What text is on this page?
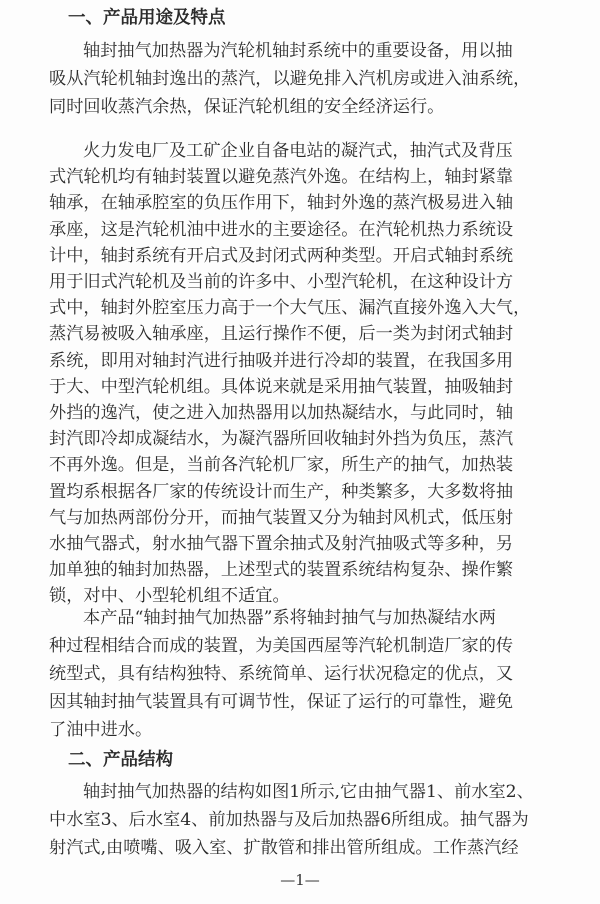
一、产品用途及特点
轴封抽气加热器为汽轮机轴封系统中的重要设备，用以抽
吸从汽轮机轴封逸出的蒸汽，以避免排入汽机房或进入油系统，
同时回收蒸汽余热，保证汽轮机组的安全经济运行。
火力发电厂及工矿企业自备电站的凝汽式，抽汽式及背压
式汽轮机均有轴封装置以避免蒸汽外逸。在结构上，轴封紧靠
轴承，在轴承腔室的负压作用下，轴封外逸的蒸汽极易进入轴
承座，这是汽轮机油中进水的主要途径。在汽轮机热力系统设
计中，轴封系统有开启式及封闭式两种类型。开启式轴封系统
用于旧式汽轮机及当前的许多中、小型汽轮机，在这种设计方
式中，轴封外腔室压力高于一个大气压、漏汽直接外逸入大气，
蒸汽易被吸入轴承座，且运行操作不便，后一类为封闭式轴封
系统，即用对轴封汽进行抽吸并进行冷却的装置，在我国多用
于大、中型汽轮机组。具体说来就是采用抽气装置，抽吸轴封
外挡的逸汽，使之进入加热器用以加热凝结水，与此同时，轴
封汽即冷却成凝结水，为凝汽器所回收轴封外挡为负压，蒸汽
不再外逸。但是，当前各汽轮机厂家，所生产的抽气，加热装
置均系根据各厂家的传统设计而生产，种类繁多，大多数将抽
气与加热两部份分开，而抽气装置又分为轴封风机式，低压射
水抽气器式，射水抽气器下置余抽式及射汽抽吸式等多种，另
加单独的轴封加热器，上述型式的装置系统结构复杂、操作繁
锁，对中、小型轮机组不适宜。
本产品“轴封抽气加热器”系将轴封抽气与加热凝结水两
种过程相结合而成的装置，为美国西屋等汽轮机制造厂家的传
统型式，具有结构独特、系统简单、运行状况稳定的优点，又
因其轴封抽气装置具有可调节性，保证了运行的可靠性，避免
了油中进水。
二、产品结构
轴封抽气加热器的结构如图1所示,它由抽气器1、前水室2、
中水室3、后水室4、前加热器与及后加热器6所组成。抽气器为
射汽式,由喷嘴、吸入室、扩散管和排出管所组成。工作蒸汽经
—1—
